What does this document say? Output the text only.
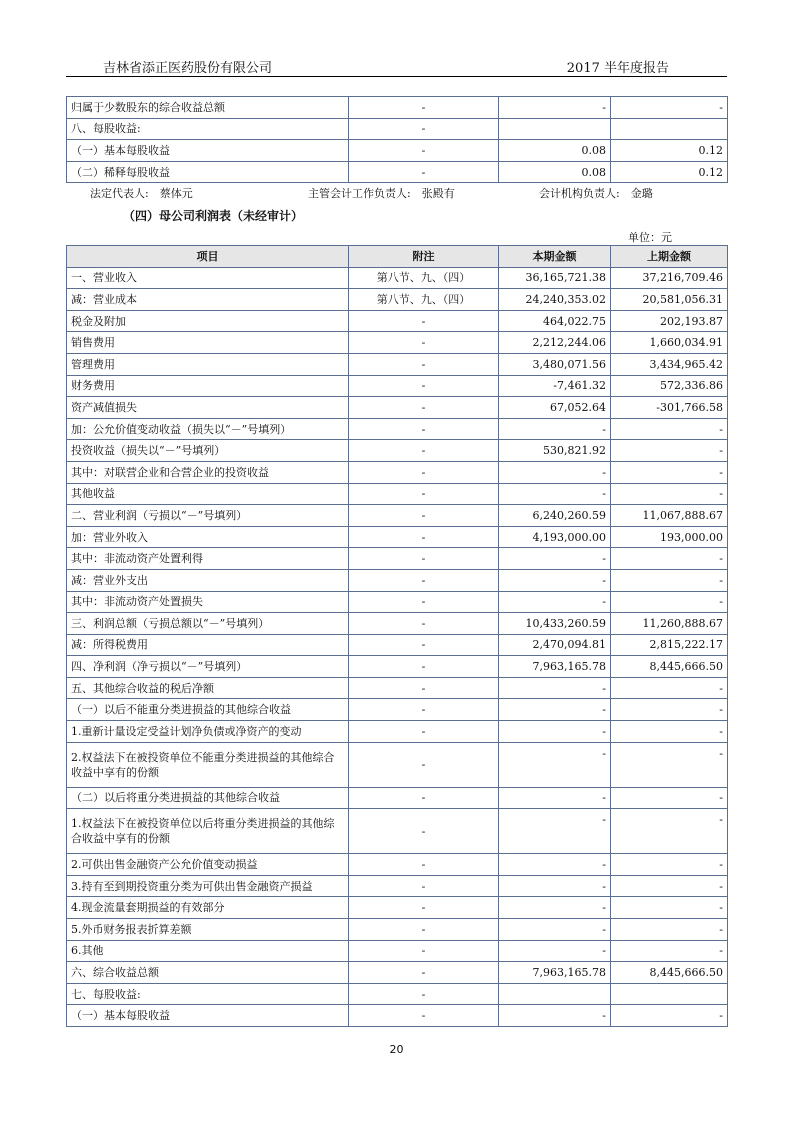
吉林省添正医药股份有限公司	2017 半年度报告
归属于少数股东的综合收益总额	-	-	-
八、每股收益:	-		
（一）基本每股收益	-	0.08	0.12
（二）稀释每股收益	-	0.08	0.12
法定代表人:　蔡体元	主管会计工作负责人:　张殿有	会计机构负责人:　金璐
（四）母公司利润表（未经审计）
单位：元
项目	附注	本期金额	上期金额
一、营业收入	第八节、九、（四）	36,165,721.38	37,216,709.46
减：营业成本	第八节、九、（四）	24,240,353.02	20,581,056.31
税金及附加	-	464,022.75	202,193.87
销售费用	-	2,212,244.06	1,660,034.91
管理费用	-	3,480,071.56	3,434,965.42
财务费用	-	-7,461.32	572,336.86
资产减值损失	-	67,052.64	-301,766.58
加：公允价值变动收益（损失以“－”号填列）	-	-	-
投资收益（损失以“－”号填列）	-	530,821.92	-
其中：对联营企业和合营企业的投资收益	-	-	-
其他收益	-	-	-
二、营业利润（亏损以“－”号填列）	-	6,240,260.59	11,067,888.67
加：营业外收入	-	4,193,000.00	193,000.00
其中：非流动资产处置利得	-	-	-
减：营业外支出	-	-	-
其中：非流动资产处置损失	-	-	-
三、利润总额（亏损总额以“－”号填列）	-	10,433,260.59	11,260,888.67
减：所得税费用	-	2,470,094.81	2,815,222.17
四、净利润（净亏损以“－”号填列）	-	7,963,165.78	8,445,666.50
五、其他综合收益的税后净额	-	-	-
（一）以后不能重分类进损益的其他综合收益	-	-	-
1.重新计量设定受益计划净负债或净资产的变动	-	-	-
2.权益法下在被投资单位不能重分类进损益的其他综合收益中享有的份额	-	-	-
（二）以后将重分类进损益的其他综合收益	-	-	-
1.权益法下在被投资单位以后将重分类进损益的其他综合收益中享有的份额	-	-	-
2.可供出售金融资产公允价值变动损益	-	-	-
3.持有至到期投资重分类为可供出售金融资产损益	-	-	-
4.现金流量套期损益的有效部分	-	-	-
5.外币财务报表折算差额	-	-	-
6.其他	-	-	-
六、综合收益总额	-	7,963,165.78	8,445,666.50
七、每股收益:	-		
（一）基本每股收益	-	-	-
20
